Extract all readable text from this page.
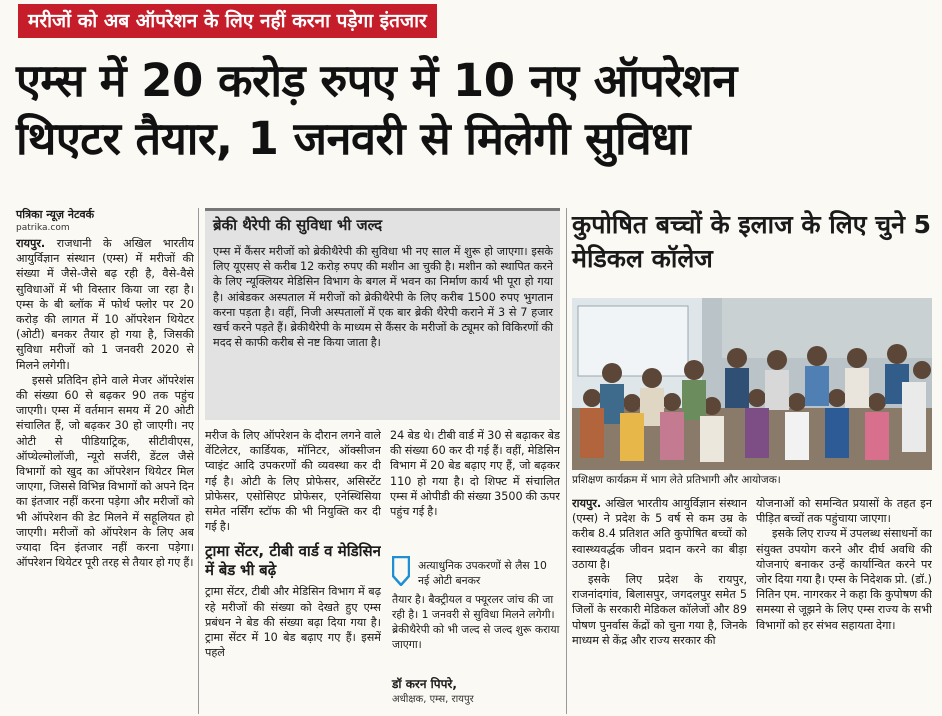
मरीजों को अब ऑपरेशन के लिए नहीं करना पड़ेगा इंतजार
एम्स में 20 करोड़ रुपए में 10 नए ऑपरेशन
थिएटर तैयार, 1 जनवरी से मिलेगी सुविधा
पत्रिका न्यूज़ नेटवर्क
patrika.com

रायपुर. राजधानी के अखिल भारतीय आयुर्विज्ञान संस्थान (एम्स) में मरीजों की संख्या में जैसे-जैसे बढ़ रही है, वैसे-वैसे सुविधाओं में भी विस्तार किया जा रहा है। एम्स के बी ब्लॉक में फोर्थ फ्लोर पर 20 करोड़ की लागत में 10 ऑपरेशन थियेटर (ओटी) बनकर तैयार हो गया है, जिसकी सुविधा मरीजों को 1 जनवरी 2020 से मिलने लगेगी।

इससे प्रतिदिन होने वाले मेजर ऑपरेशंस की संख्या 60 से बढ़कर 90 तक पहुंच जाएगी। एम्स में वर्तमान समय में 20 ओटी संचालित हैं, जो बढ़कर 30 हो जाएगी। नए ओटी से पीडियाट्रिक, सीटीवीएस, ऑप्थेल्मोलॉजी, न्यूरो सर्जरी, डेंटल जैसे विभागों को खुद का ऑपरेशन थियेटर मिल जाएगा, जिससे विभिन्न विभागों को अपने दिन का इंतजार नहीं करना पड़ेगा और मरीजों को भी ऑपरेशन की डेट मिलने में सहूलियत हो जाएगी। मरीजों को ऑपरेशन के लिए अब ज्यादा दिन इंतजार नहीं करना पड़ेगा। ऑपरेशन थियेटर पूरी तरह से तैयार हो गए हैं।

ब्रेकी थैरेपी की सुविधा भी जल्द
एम्स में कैंसर मरीजों को ब्रेकीथैरेपी की सुविधा भी नए साल में शुरू हो जाएगा। इसके लिए यूएसए से करीब 12 करोड़ रुपए की मशीन आ चुकी है। मशीन को स्थापित करने के लिए न्यूक्लियर मेडिसिन विभाग के बगल में भवन का निर्माण कार्य भी पूरा हो गया है। आंबेडकर अस्पताल में मरीजों को ब्रेकीथैरेपी के लिए करीब 1500 रुपए भुगतान करना पड़ता है। वहीं, निजी अस्पतालों में एक बार ब्रेकी थैरेपी कराने में 3 से 7 हजार खर्च करने पड़ते हैं। ब्रेकीथैरेपी के माध्यम से कैंसर के मरीजों के ट्यूमर को विकिरणों की मदद से काफी करीब से नष्ट किया जाता है।

मरीज के लिए ऑपरेशन के दौरान लगने वाले वेंटिलेटर, कार्डियक, मॉनिटर, ऑक्सीजन प्वाइंट आदि उपकरणों की व्यवस्था कर दी गई है। ओटी के लिए प्रोफेसर, असिस्टेंट प्रोफेसर, एसोसिएट प्रोफेसर, एनेस्थिसिया समेत नर्सिंग स्टॉफ की भी नियुक्ति कर दी गई है।

ट्रामा सेंटर, टीबी वार्ड व मेडिसिन में बेड भी बढ़े

ट्रामा सेंटर, टीबी और मेडिसिन विभाग में बढ़ रहे मरीजों की संख्या को देखते हुए एम्स प्रबंधन ने बेड की संख्या बढ़ा दिया गया है। ट्रामा सेंटर में 10 बेड बढ़ाए गए हैं। इसमें पहले

24 बेड थे। टीबी वार्ड में 30 से बढ़ाकर बेड की संख्या 60 कर दी गई हैं। वहीं, मेडिसिन विभाग में 20 बेड बढ़ाए गए हैं, जो बढ़कर 110 हो गया है। दो शिफ्ट में संचालित एम्स में ओपीडी की संख्या 3500 की ऊपर पहुंच गई है।

अत्याधुनिक उपकरणों से लैस 10 नई ओटी बनकर
तैयार है। बैक्ट्रीयल व फ्यूरलर जांच की जा रही है। 1 जनवरी से सुविधा मिलने लगेगी। ब्रेकीथैरेपी को भी जल्द से जल्द शुरू कराया जाएगा।
डॉ करन पिपरे,
अधीक्षक, एम्स, रायपुर
कुपोषित बच्चों के इलाज के लिए चुने 5 मेडिकल कॉलेज
प्रशिक्षण कार्यक्रम में भाग लेते प्रतिभागी और आयोजक।

रायपुर. अखिल भारतीय आयुर्विज्ञान संस्थान (एम्स) ने प्रदेश के 5 वर्ष से कम उम्र के करीब 8.4 प्रतिशत अति कुपोषित बच्चों को स्वास्थ्यवर्द्धक जीवन प्रदान करने का बीड़ा उठाया है।

इसके लिए प्रदेश के रायपुर, राजनांदगांव, बिलासपुर, जगदलपुर समेत 5 जिलों के सरकारी मेडिकल कॉलेजों और 89 पोषण पुनर्वास केंद्रों को चुना गया है, जिनके माध्यम से केंद्र और राज्य सरकार की

योजनाओं को समन्वित प्रयासों के तहत इन पीड़ित बच्चों तक पहुंचाया जाएगा।

इसके लिए राज्य में उपलब्ध संसाधनों का संयुक्त उपयोग करने और दीर्घ अवधि की योजनाएं बनाकर उन्हें कार्यान्वित करने पर जोर दिया गया है। एम्स के निदेशक प्रो. (डॉ.) नितिन एम. नागरकर ने कहा कि कुपोषण की समस्या से जूझने के लिए एम्स राज्य के सभी विभागों को हर संभव सहायता देगा।
